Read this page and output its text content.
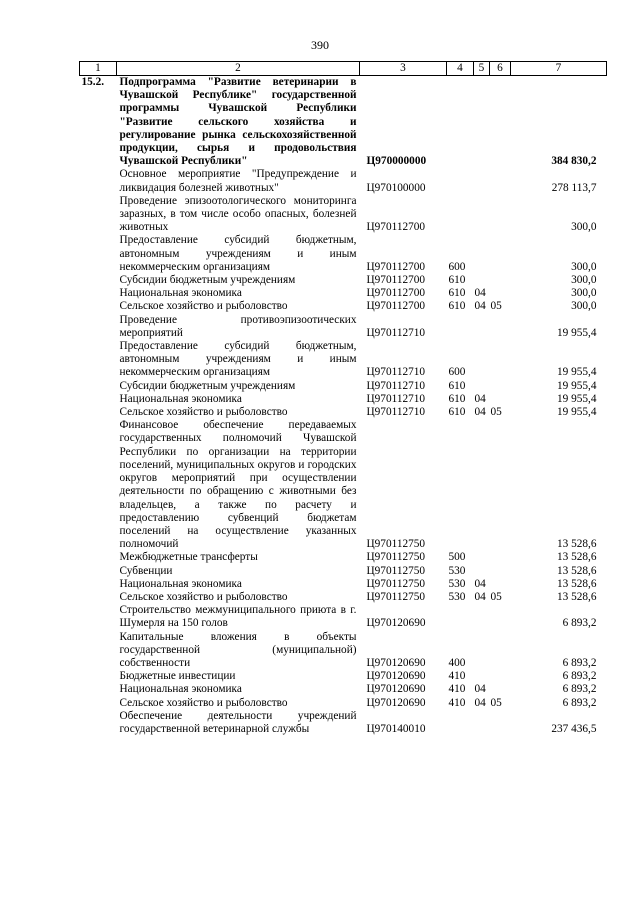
390
1	2	3	4	5	6	7
15.2.	Подпрограмма "Развитие ветеринарии в Чувашской Республике" государственной программы Чувашской Республики "Развитие сельского хозяйства и регулирование рынка сельскохозяйственной продукции, сырья и продовольствия Чувашской Республики"	Ц970000000				384 830,2
	Основное мероприятие "Предупреждение и ликвидация болезней животных"	Ц970100000				278 113,7
	Проведение эпизоотологического мониторинга заразных, в том числе особо опасных, болезней животных	Ц970112700				300,0
	Предоставление субсидий бюджетным, автономным учреждениям и иным некоммерческим организациям	Ц970112700	600			300,0
	Субсидии бюджетным учреждениям	Ц970112700	610			300,0
	Национальная экономика	Ц970112700	610	04		300,0
	Сельское хозяйство и рыболовство	Ц970112700	610	04	05	300,0
	Проведение противоэпизоотических мероприятий	Ц970112710				19 955,4
	Предоставление субсидий бюджетным, автономным учреждениям и иным некоммерческим организациям	Ц970112710	600			19 955,4
	Субсидии бюджетным учреждениям	Ц970112710	610			19 955,4
	Национальная экономика	Ц970112710	610	04		19 955,4
	Сельское хозяйство и рыболовство	Ц970112710	610	04	05	19 955,4
	Финансовое обеспечение передаваемых государственных полномочий Чувашской Республики по организации на территории поселений, муниципальных округов и городских округов мероприятий при осуществлении деятельности по обращению с животными без владельцев, а также по расчету и предоставлению субвенций бюджетам поселений на осуществление указанных полномочий	Ц970112750				13 528,6
	Межбюджетные трансферты	Ц970112750	500			13 528,6
	Субвенции	Ц970112750	530			13 528,6
	Национальная экономика	Ц970112750	530	04		13 528,6
	Сельское хозяйство и рыболовство	Ц970112750	530	04	05	13 528,6
	Строительство межмуниципального приюта в г. Шумерля на 150 голов	Ц970120690				6 893,2
	Капитальные вложения в объекты государственной (муниципальной) собственности	Ц970120690	400			6 893,2
	Бюджетные инвестиции	Ц970120690	410			6 893,2
	Национальная экономика	Ц970120690	410	04		6 893,2
	Сельское хозяйство и рыболовство	Ц970120690	410	04	05	6 893,2
	Обеспечение деятельности учреждений государственной ветеринарной службы	Ц970140010				237 436,5
